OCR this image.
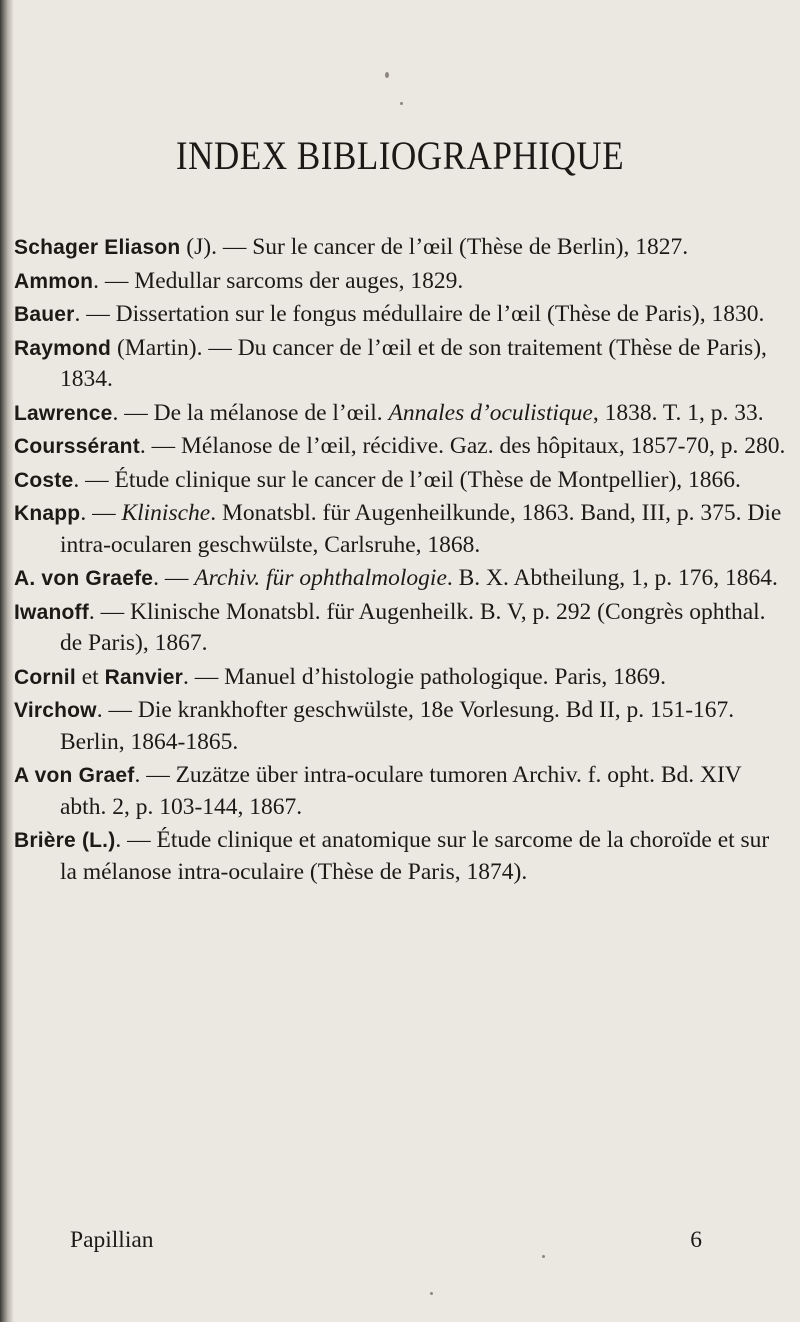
INDEX BIBLIOGRAPHIQUE
Schager Eliason (J). — Sur le cancer de l’œil (Thèse de Berlin), 1827.
Ammon. — Medullar sarcoms der auges, 1829.
Bauer. — Dissertation sur le fongus médullaire de l’œil (Thèse de Paris), 1830.
Raymond (Martin). — Du cancer de l’œil et de son traitement (Thèse de Paris), 1834.
Lawrence. — De la mélanose de l’œil. Annales d’oculistique, 1838. T. 1, p. 33.
Courssérant. — Mélanose de l’œil, récidive. Gaz. des hôpitaux, 1857-70, p. 280.
Coste. — Étude clinique sur le cancer de l’œil (Thèse de Montpellier), 1866.
Knapp. — Klinische. Monatsbl. für Augenheilkunde, 1863. Band, III, p. 375. Die intra-ocularen geschwülste, Carlsruhe, 1868.
A. von Graefe. — Archiv. für ophthalmologie. B. X. Abtheilung, 1, p. 176, 1864.
Iwanoff. — Klinische Monatsbl. für Augenheilk. B. V, p. 292 (Congrès ophthal. de Paris), 1867.
Cornil et Ranvier. — Manuel d’histologie pathologique. Paris, 1869.
Virchow. — Die krankhofter geschwülste, 18e Vorlesung. Bd II, p. 151-167. Berlin, 1864-1865.
A von Graef. — Zuzätze über intra-oculare tumoren Archiv. f. opht. Bd. XIV abth. 2, p. 103-144, 1867.
Brière (L.). — Étude clinique et anatomique sur le sarcome de la choroïde et sur la mélanose intra-oculaire (Thèse de Paris, 1874).
Papillian	6
